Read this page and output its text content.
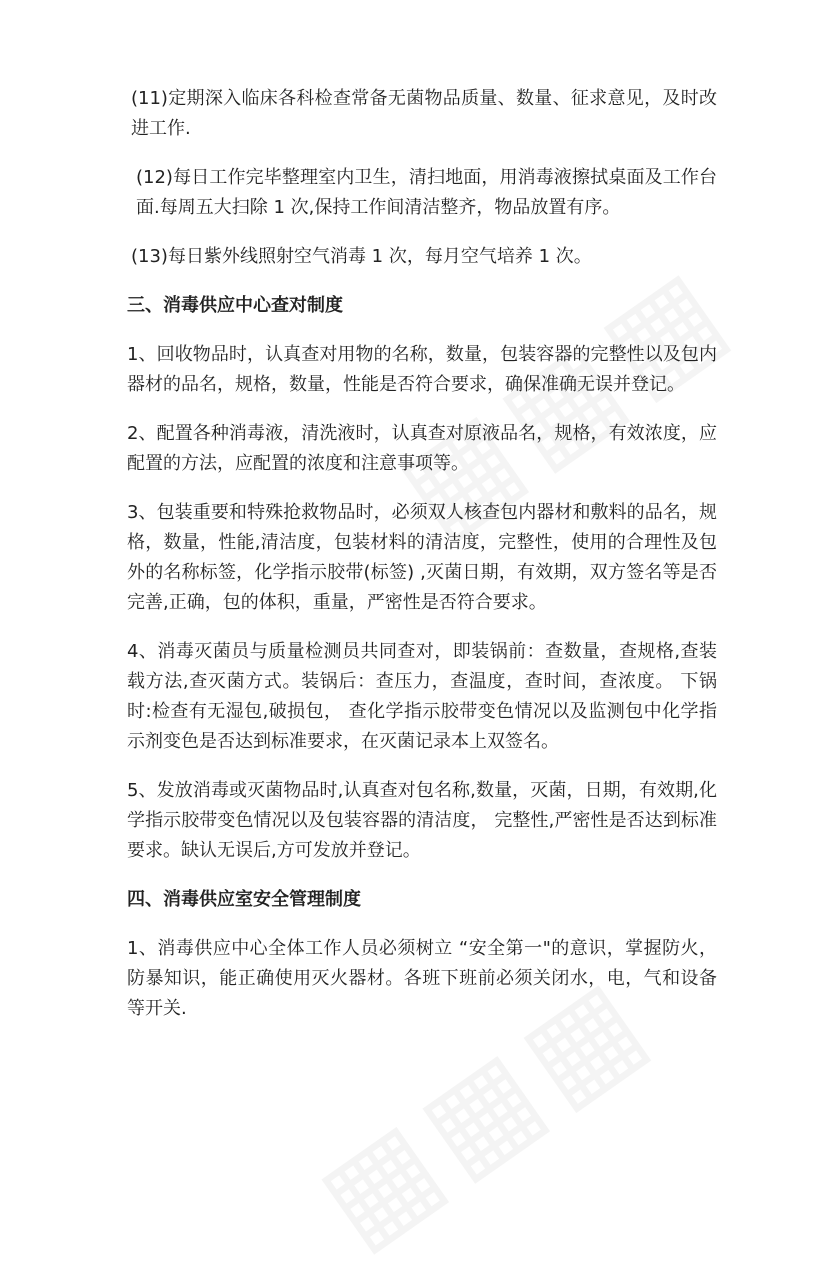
(11)定期深入临床各科检查常备无菌物品质量、数量、征求意见，及时改进工作.

(12)每日工作完毕整理室内卫生，清扫地面，用消毒液擦拭桌面及工作台面.每周五大扫除 1 次,保持工作间清洁整齐，物品放置有序。

(13)每日紫外线照射空气消毒 1 次，每月空气培养 1 次。

三、消毒供应中心查对制度

1、回收物品时，认真查对用物的名称，数量，包装容器的完整性以及包内器材的品名，规格，数量，性能是否符合要求，确保准确无误并登记。

2、配置各种消毒液，清洗液时，认真查对原液品名，规格，有效浓度，应配置的方法，应配置的浓度和注意事项等。

3、包装重要和特殊抢救物品时，必须双人核查包内器材和敷料的品名，规格，数量，性能,清洁度，包装材料的清洁度，完整性，使用的合理性及包外的名称标签，化学指示胶带(标签) ,灭菌日期，有效期，双方签名等是否完善,正确，包的体积，重量，严密性是否符合要求。

4、消毒灭菌员与质量检测员共同查对，即装锅前：查数量，查规格,查装载方法,查灭菌方式。装锅后：查压力，查温度，查时间，查浓度。 下锅时:检查有无湿包,破损包， 查化学指示胶带变色情况以及监测包中化学指示剂变色是否达到标准要求，在灭菌记录本上双签名。

5、发放消毒或灭菌物品时,认真查对包名称,数量，灭菌，日期，有效期,化学指示胶带变色情况以及包装容器的清洁度， 完整性,严密性是否达到标准要求。缺认无误后,方可发放并登记。

四、消毒供应室安全管理制度

1、消毒供应中心全体工作人员必须树立 “安全第一"的意识，掌握防火，防暴知识，能正确使用灭火器材。各班下班前必须关闭水，电，气和设备等开关.
